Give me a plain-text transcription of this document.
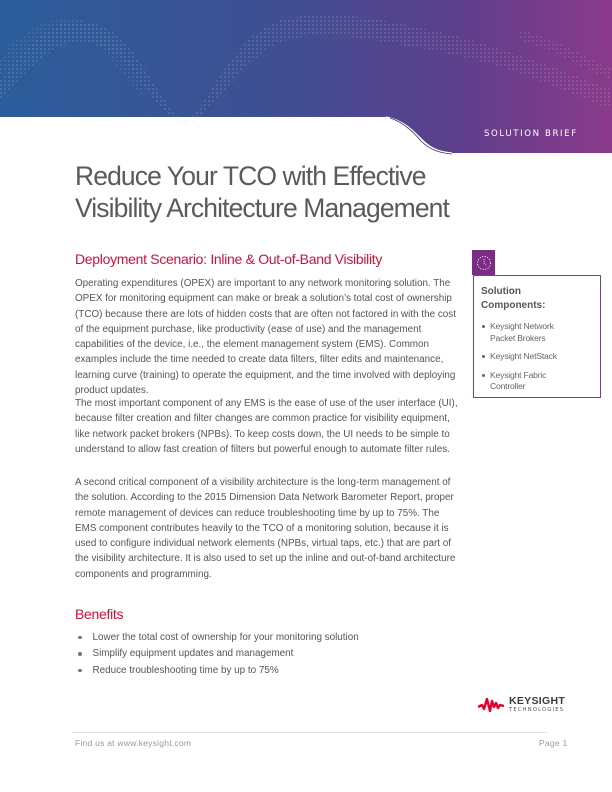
SOLUTION BRIEF
Reduce Your TCO with Effective
Visibility Architecture Management
Deployment Scenario: Inline & Out-of-Band Visibility

Operating expenditures (OPEX) are important to any network monitoring solution. The OPEX for monitoring equipment can make or break a solution’s total cost of ownership (TCO) because there are lots of hidden costs that are often not factored in with the cost of the equipment purchase, like productivity (ease of use) and the management capabilities of the device, i.e., the element management system (EMS). Common examples include the time needed to create data filters, filter edits and maintenance, learning curve (training) to operate the equipment, and the time involved with deploying product updates.

The most important component of any EMS is the ease of use of the user interface (UI), because filter creation and filter changes are common practice for visibility equipment, like network packet brokers (NPBs). To keep costs down, the UI needs to be simple to understand to allow fast creation of filters but powerful enough to automate filter rules.

A second critical component of a visibility architecture is the long-term management of the solution. According to the 2015 Dimension Data Network Barometer Report, proper remote management of devices can reduce troubleshooting time by up to 75%. The EMS component contributes heavily to the TCO of a monitoring solution, because it is used to configure individual network elements (NPBs, virtual taps, etc.) that are part of the visibility architecture. It is also used to set up the inline and out-of-band architecture components and programming.

Solution Components:
Keysight Network Packet Brokers
Keysight NetStack
Keysight Fabric Controller
Benefits
Lower the total cost of ownership for your monitoring solution
Simplify equipment updates and management
Reduce troubleshooting time by up to 75%
KEYSIGHT
TECHNOLOGIES
Find us at www.keysight.com	Page 1
